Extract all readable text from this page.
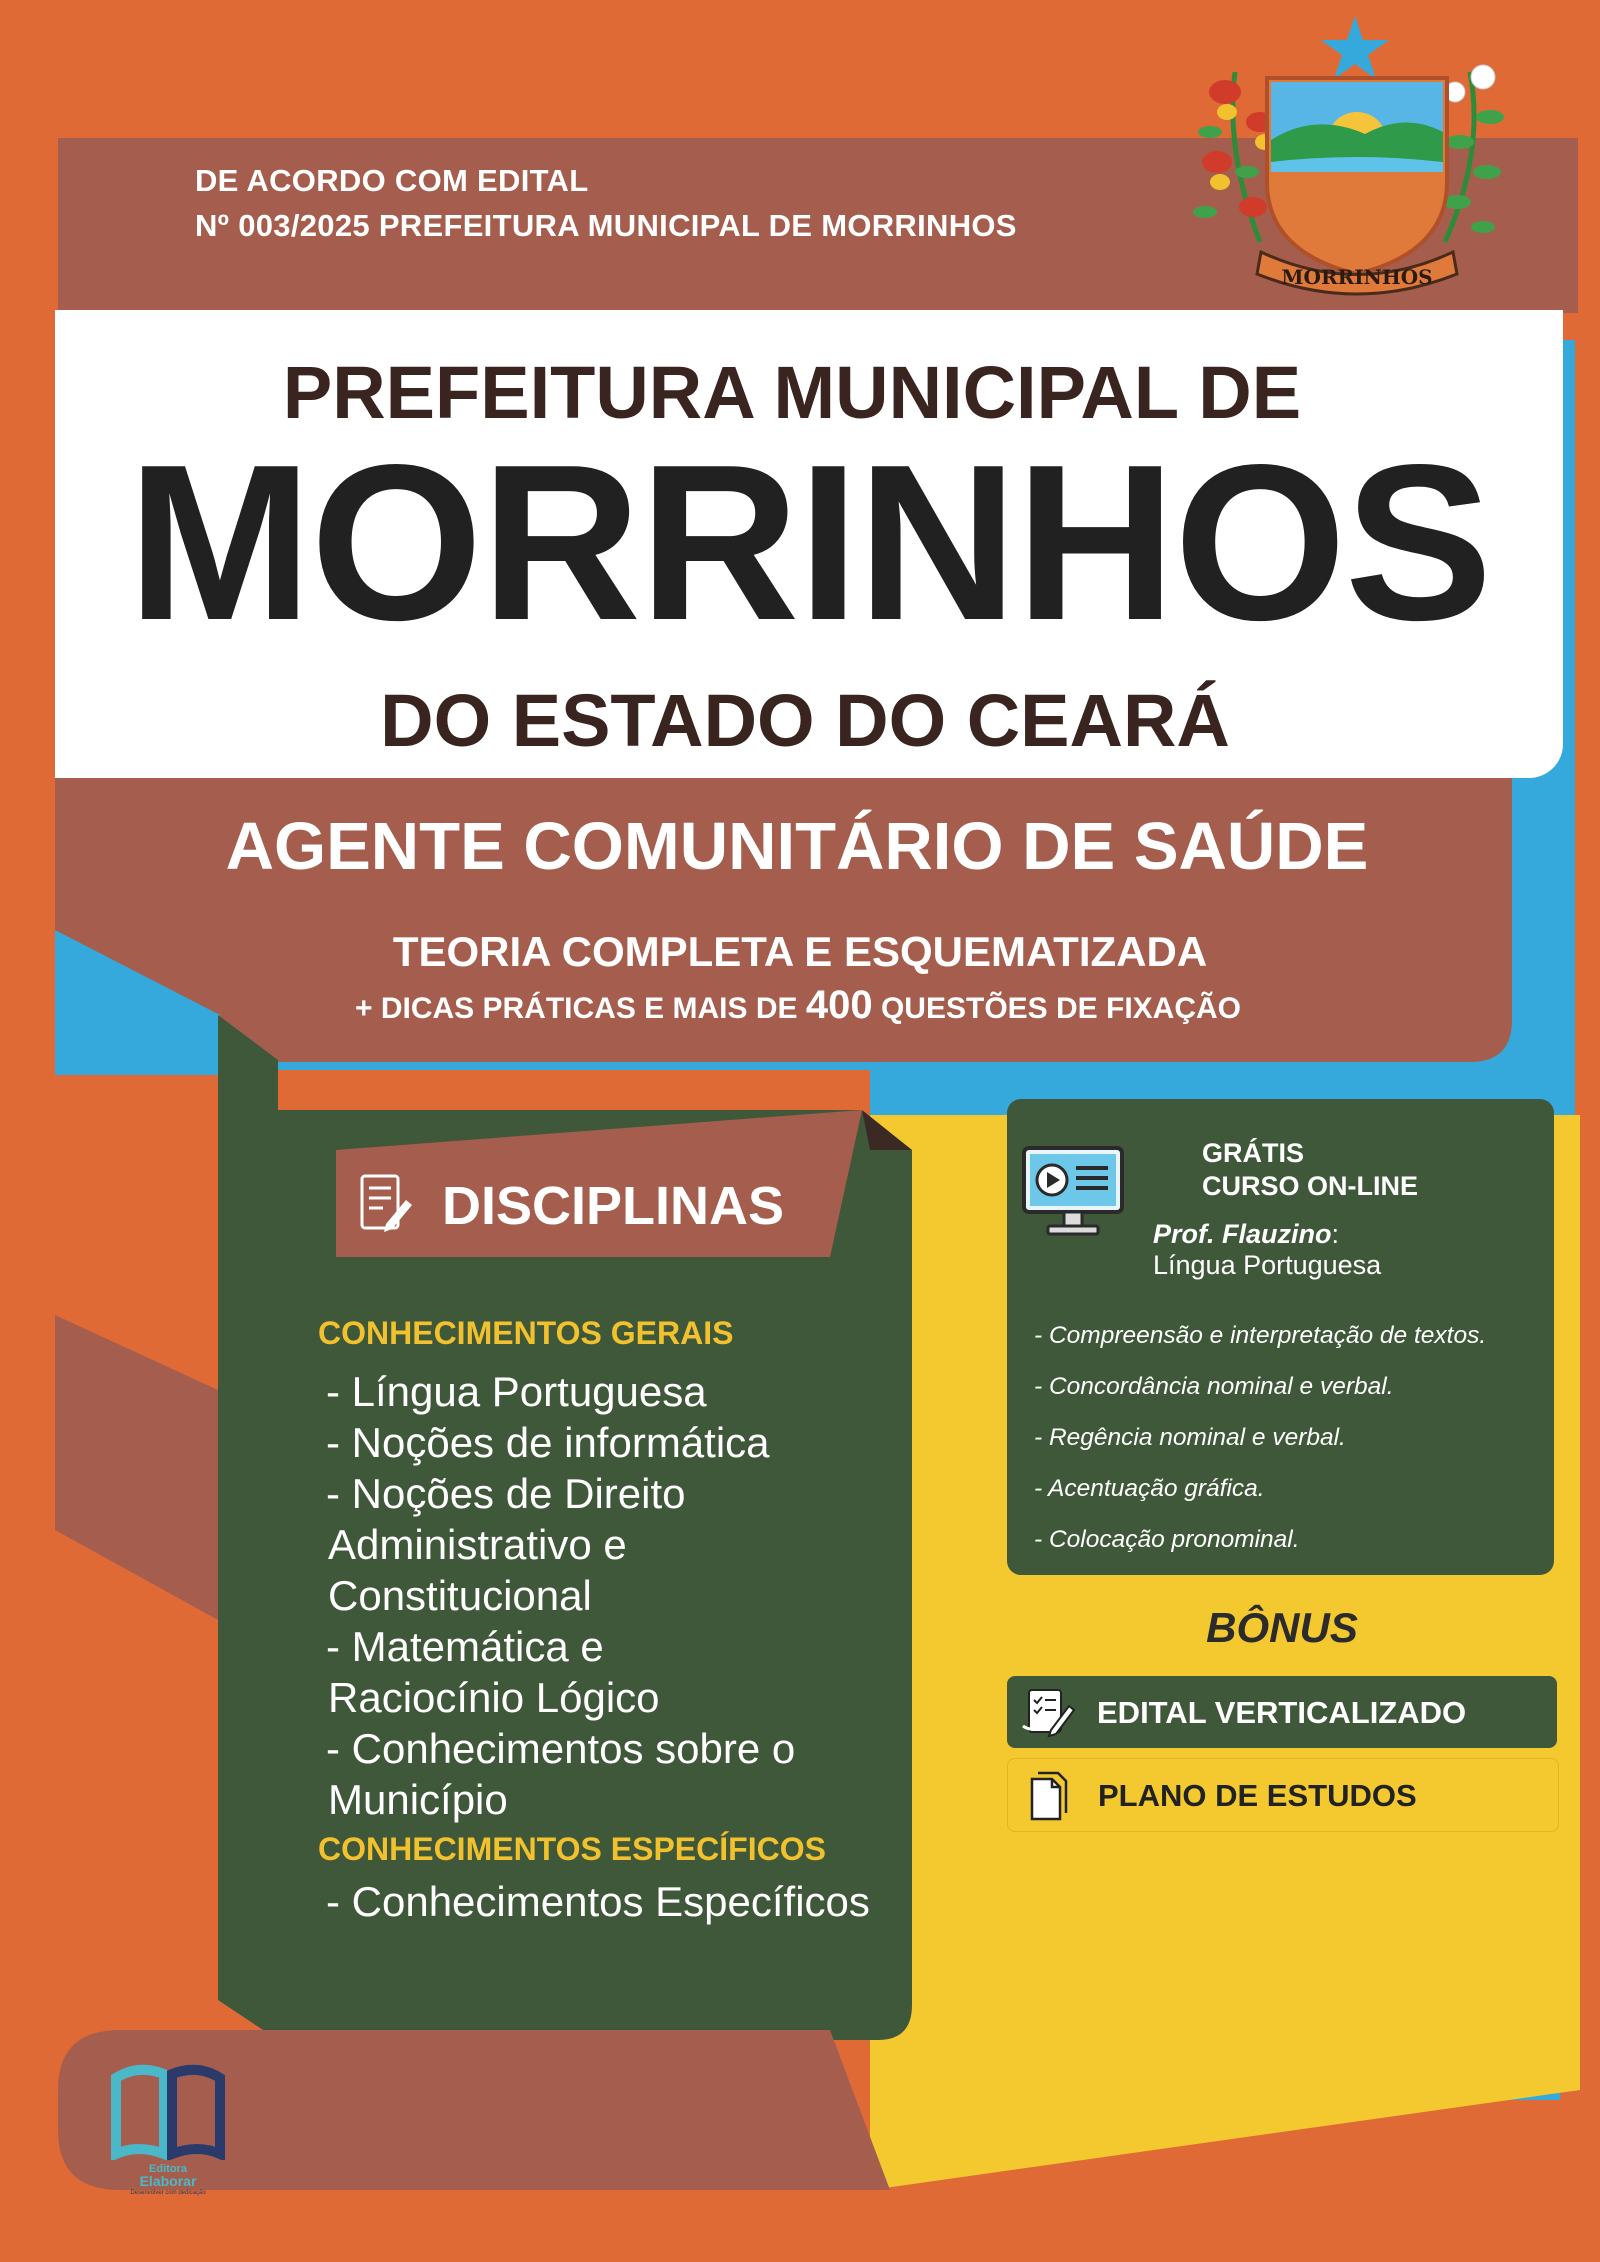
DE ACORDO COM EDITAL
Nº 003/2025 PREFEITURA MUNICIPAL DE MORRINHOS
MORRINHOS
PREFEITURA MUNICIPAL DE
MORRINHOS
DO ESTADO DO CEARÁ
AGENTE COMUNITÁRIO DE SAÚDE
TEORIA COMPLETA E ESQUEMATIZADA
+ DICAS PRÁTICAS E MAIS DE 400 QUESTÕES DE FIXAÇÃO
DISCIPLINAS
CONHECIMENTOS GERAIS
- Língua Portuguesa
- Noções de informática
- Noções de Direito
Administrativo e
Constitucional
- Matemática e
Raciocínio Lógico
- Conhecimentos sobre o
Município
CONHECIMENTOS ESPECÍFICOS
- Conhecimentos Específicos
GRÁTIS
CURSO ON-LINE
Prof. Flauzino:
Língua Portuguesa
- Compreensão e interpretação de textos.
- Concordância nominal e verbal.
- Regência nominal e verbal.
- Acentuação gráfica.
- Colocação pronominal.
BÔNUS
EDITAL VERTICALIZADO
PLANO DE ESTUDOS
Editora
Elaborar
Desenvolver com dedicação
